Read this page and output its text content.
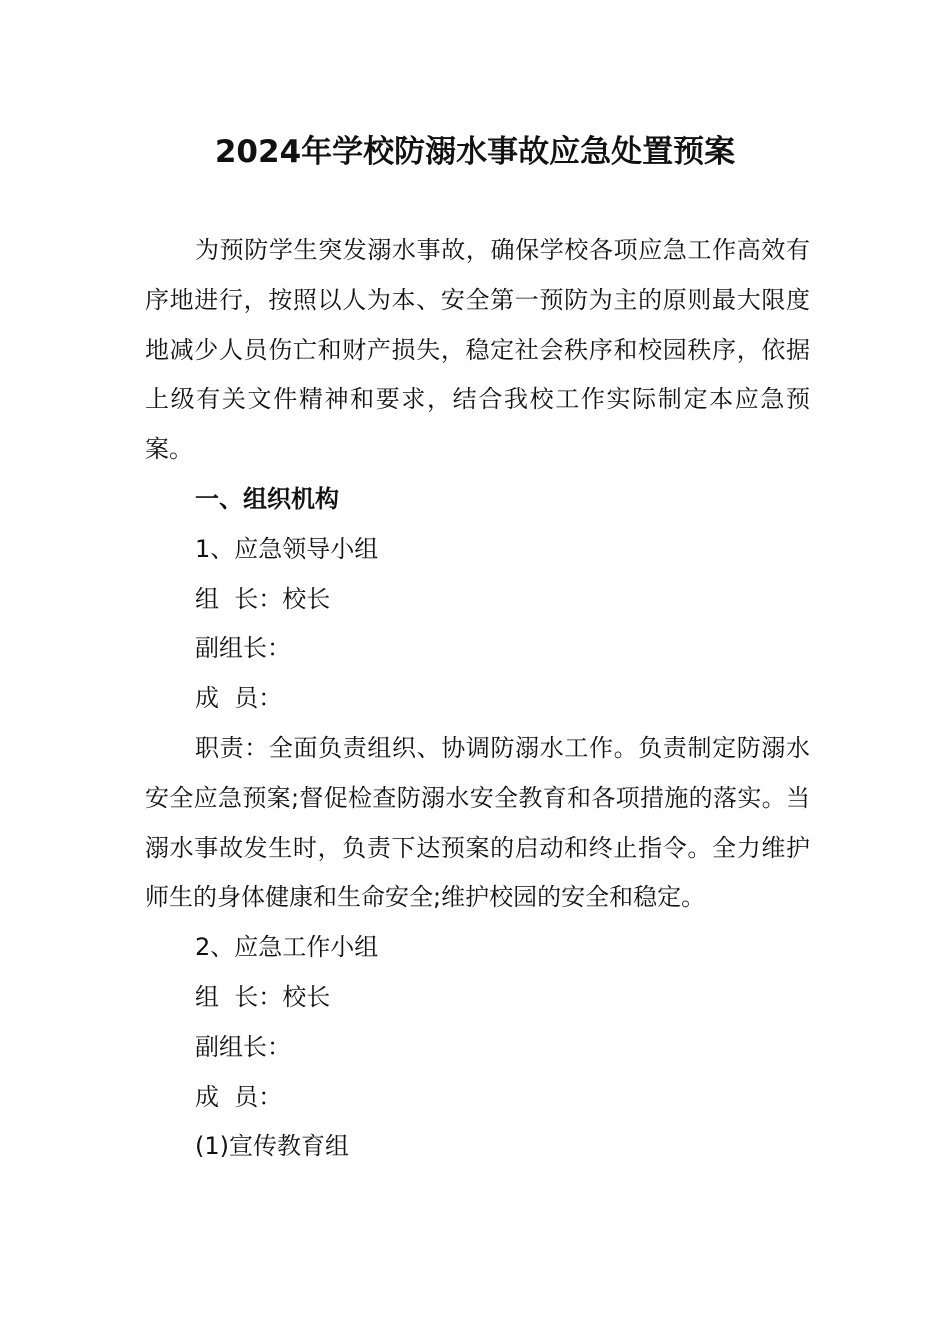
2024年学校防溺水事故应急处置预案

为预防学生突发溺水事故，确保学校各项应急工作高效有序地进行，按照以人为本、安全第一预防为主的原则最大限度地减少人员伤亡和财产损失，稳定社会秩序和校园秩序，依据上级有关文件精神和要求，结合我校工作实际制定本应急预案。

一、组织机构

1、应急领导小组

组  长：校长

副组长：

成  员：

职责：全面负责组织、协调防溺水工作。负责制定防溺水安全应急预案;督促检查防溺水安全教育和各项措施的落实。当溺水事故发生时，负责下达预案的启动和终止指令。全力维护师生的身体健康和生命安全;维护校园的安全和稳定。

2、应急工作小组

组  长：校长

副组长：

成  员：

(1)宣传教育组
